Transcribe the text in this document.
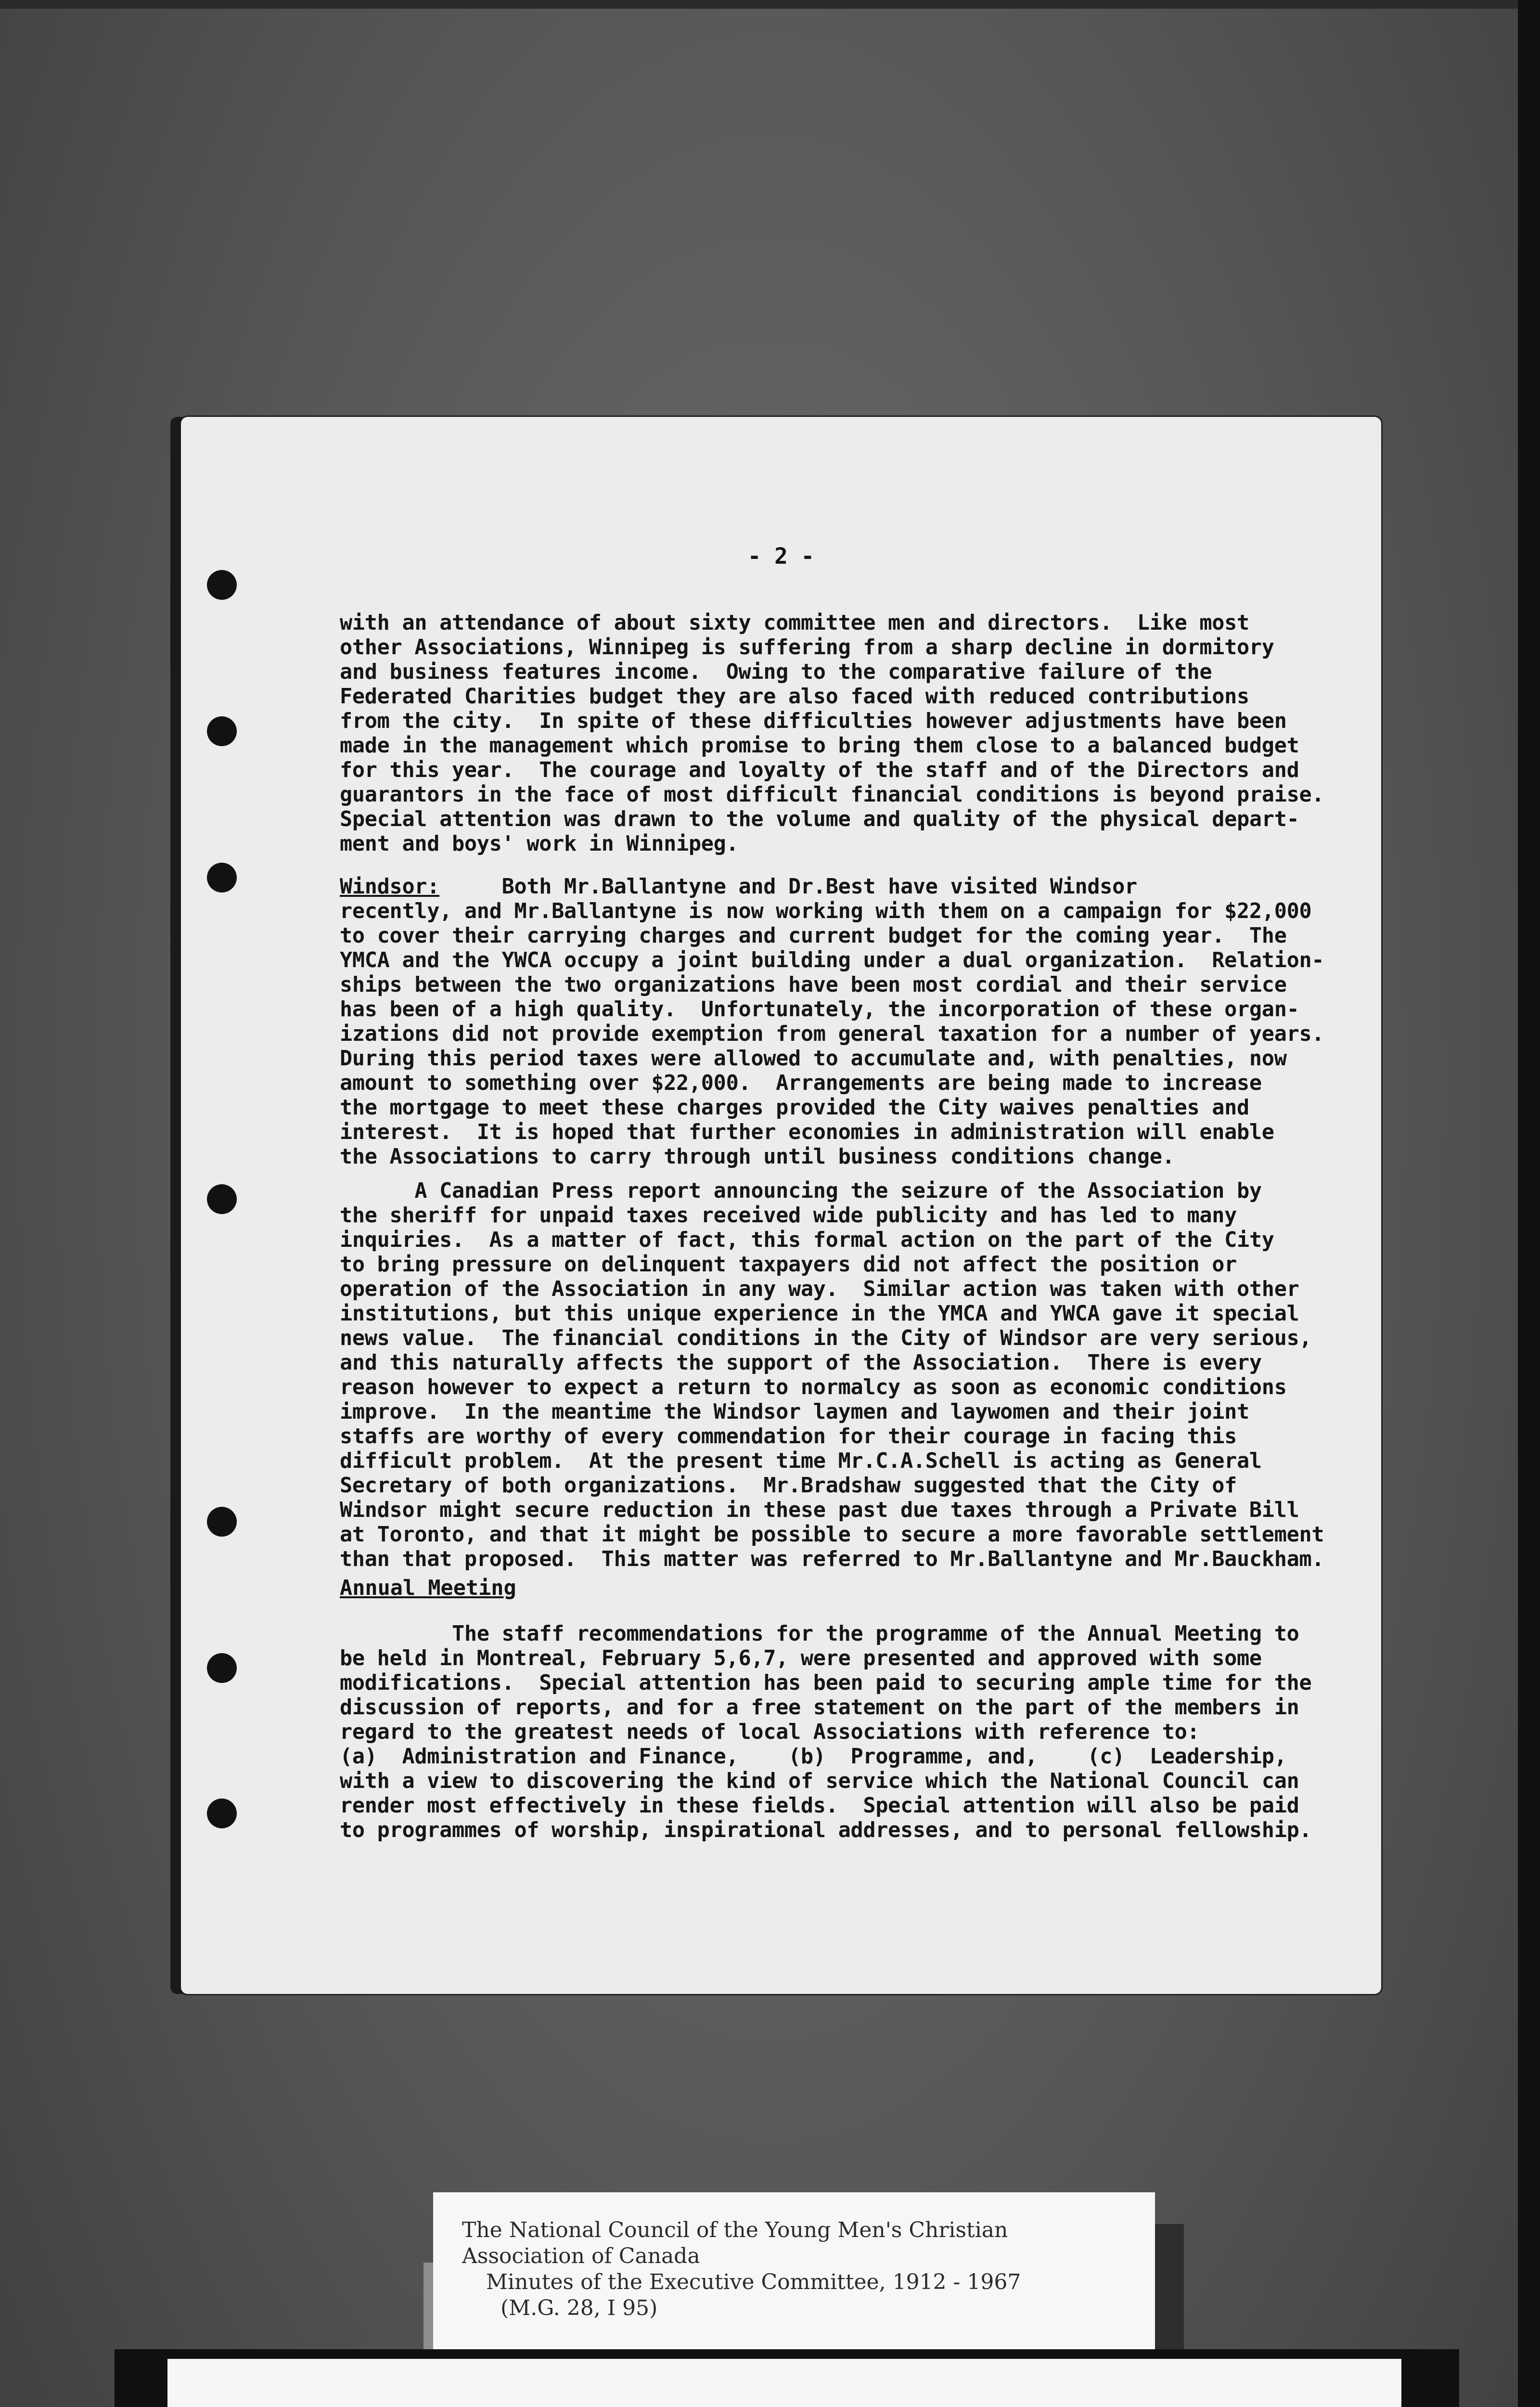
- 2 -
with an attendance of about sixty committee men and directors.  Like most
other Associations, Winnipeg is suffering from a sharp decline in dormitory
and business features income.  Owing to the comparative failure of the
Federated Charities budget they are also faced with reduced contributions
from the city.  In spite of these difficulties however adjustments have been
made in the management which promise to bring them close to a balanced budget
for this year.  The courage and loyalty of the staff and of the Directors and
guarantors in the face of most difficult financial conditions is beyond praise.
Special attention was drawn to the volume and quality of the physical depart-
ment and boys' work in Winnipeg.
Windsor:     Both Mr.Ballantyne and Dr.Best have visited Windsor
recently, and Mr.Ballantyne is now working with them on a campaign for $22,000
to cover their carrying charges and current budget for the coming year.  The
YMCA and the YWCA occupy a joint building under a dual organization.  Relation-
ships between the two organizations have been most cordial and their service
has been of a high quality.  Unfortunately, the incorporation of these organ-
izations did not provide exemption from general taxation for a number of years.
During this period taxes were allowed to accumulate and, with penalties, now
amount to something over $22,000.  Arrangements are being made to increase
the mortgage to meet these charges provided the City waives penalties and
interest.  It is hoped that further economies in administration will enable
the Associations to carry through until business conditions change.
A Canadian Press report announcing the seizure of the Association by
the sheriff for unpaid taxes received wide publicity and has led to many
inquiries.  As a matter of fact, this formal action on the part of the City
to bring pressure on delinquent taxpayers did not affect the position or
operation of the Association in any way.  Similar action was taken with other
institutions, but this unique experience in the YMCA and YWCA gave it special
news value.  The financial conditions in the City of Windsor are very serious,
and this naturally affects the support of the Association.  There is every
reason however to expect a return to normalcy as soon as economic conditions
improve.  In the meantime the Windsor laymen and laywomen and their joint
staffs are worthy of every commendation for their courage in facing this
difficult problem.  At the present time Mr.C.A.Schell is acting as General
Secretary of both organizations.  Mr.Bradshaw suggested that the City of
Windsor might secure reduction in these past due taxes through a Private Bill
at Toronto, and that it might be possible to secure a more favorable settlement
than that proposed.  This matter was referred to Mr.Ballantyne and Mr.Bauckham.
Annual Meeting
The staff recommendations for the programme of the Annual Meeting to
be held in Montreal, February 5,6,7, were presented and approved with some
modifications.  Special attention has been paid to securing ample time for the
discussion of reports, and for a free statement on the part of the members in
regard to the greatest needs of local Associations with reference to:
(a)  Administration and Finance,    (b)  Programme, and,    (c)  Leadership,
with a view to discovering the kind of service which the National Council can
render most effectively in these fields.  Special attention will also be paid
to programmes of worship, inspirational addresses, and to personal fellowship.
The National Council of the Young Men's Christian
Association of Canada
Minutes of the Executive Committee, 1912 - 1967
(M.G. 28, I 95)
